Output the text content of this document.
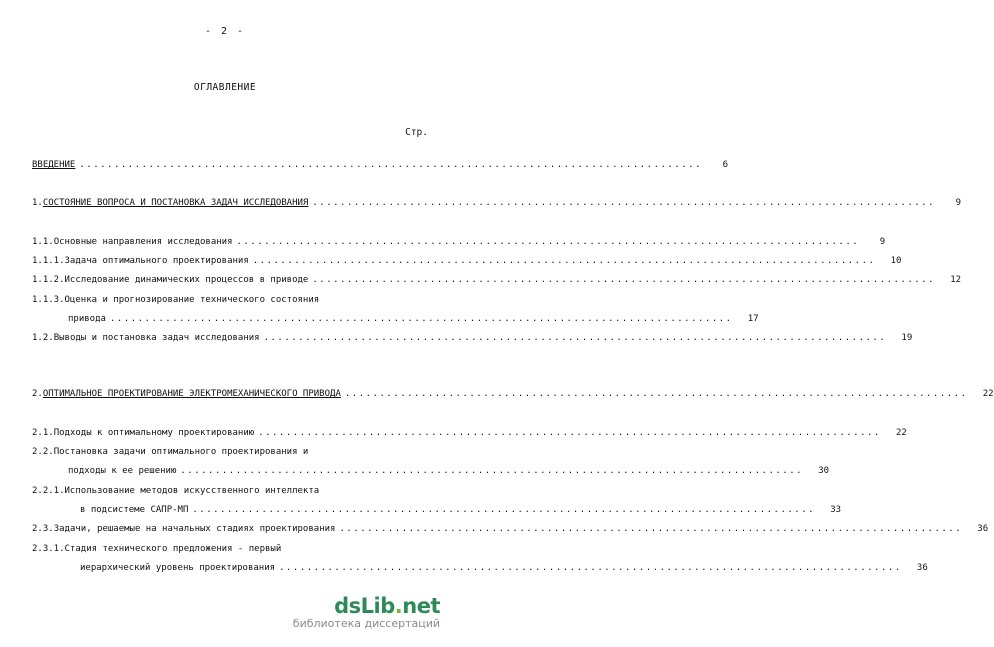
- 2 -
ОГЛАВЛЕНИЕ
Стр.
ВВЕДЕНИЕ ..........................................................................................	6
1. СОСТОЯНИЕ ВОПРОСА И ПОСТАНОВКА ЗАДАЧ ИССЛЕДОВАНИЯ ..........................................................................................	9
1.1. Основные направления исследования ..........................................................................................	9
1.1.1. Задача оптимального проектирования ..........................................................................................	10
1.1.2. Исследование динамических процессов в приводе ..........................................................................................	12
1.1.3. Оценка и прогнозирование технического состояния
привода ..........................................................................................	17
1.2. Выводы и постановка задач исследования ..........................................................................................	19
2. ОПТИМАЛЬНОЕ ПРОЕКТИРОВАНИЕ ЭЛЕКТРОМЕХАНИЧЕСКОГО ПРИВОДА ..........................................................................................	22
2.1. Подходы к оптимальному проектированию ..........................................................................................	22
2.2. Постановка задачи оптимального проектирования и
подходы к ее решению ..........................................................................................	30
2.2.1. Использование методов искусственного интеллекта
в подсистеме САПР-МП ..........................................................................................	33
2.3. Задачи, решаемые на начальных стадиях проектирования ..........................................................................................	36
2.3.1. Стадия технического предложения - первый
иерархический уровень проектирования ..........................................................................................	36
dsLib.net
библиотека диссертаций
